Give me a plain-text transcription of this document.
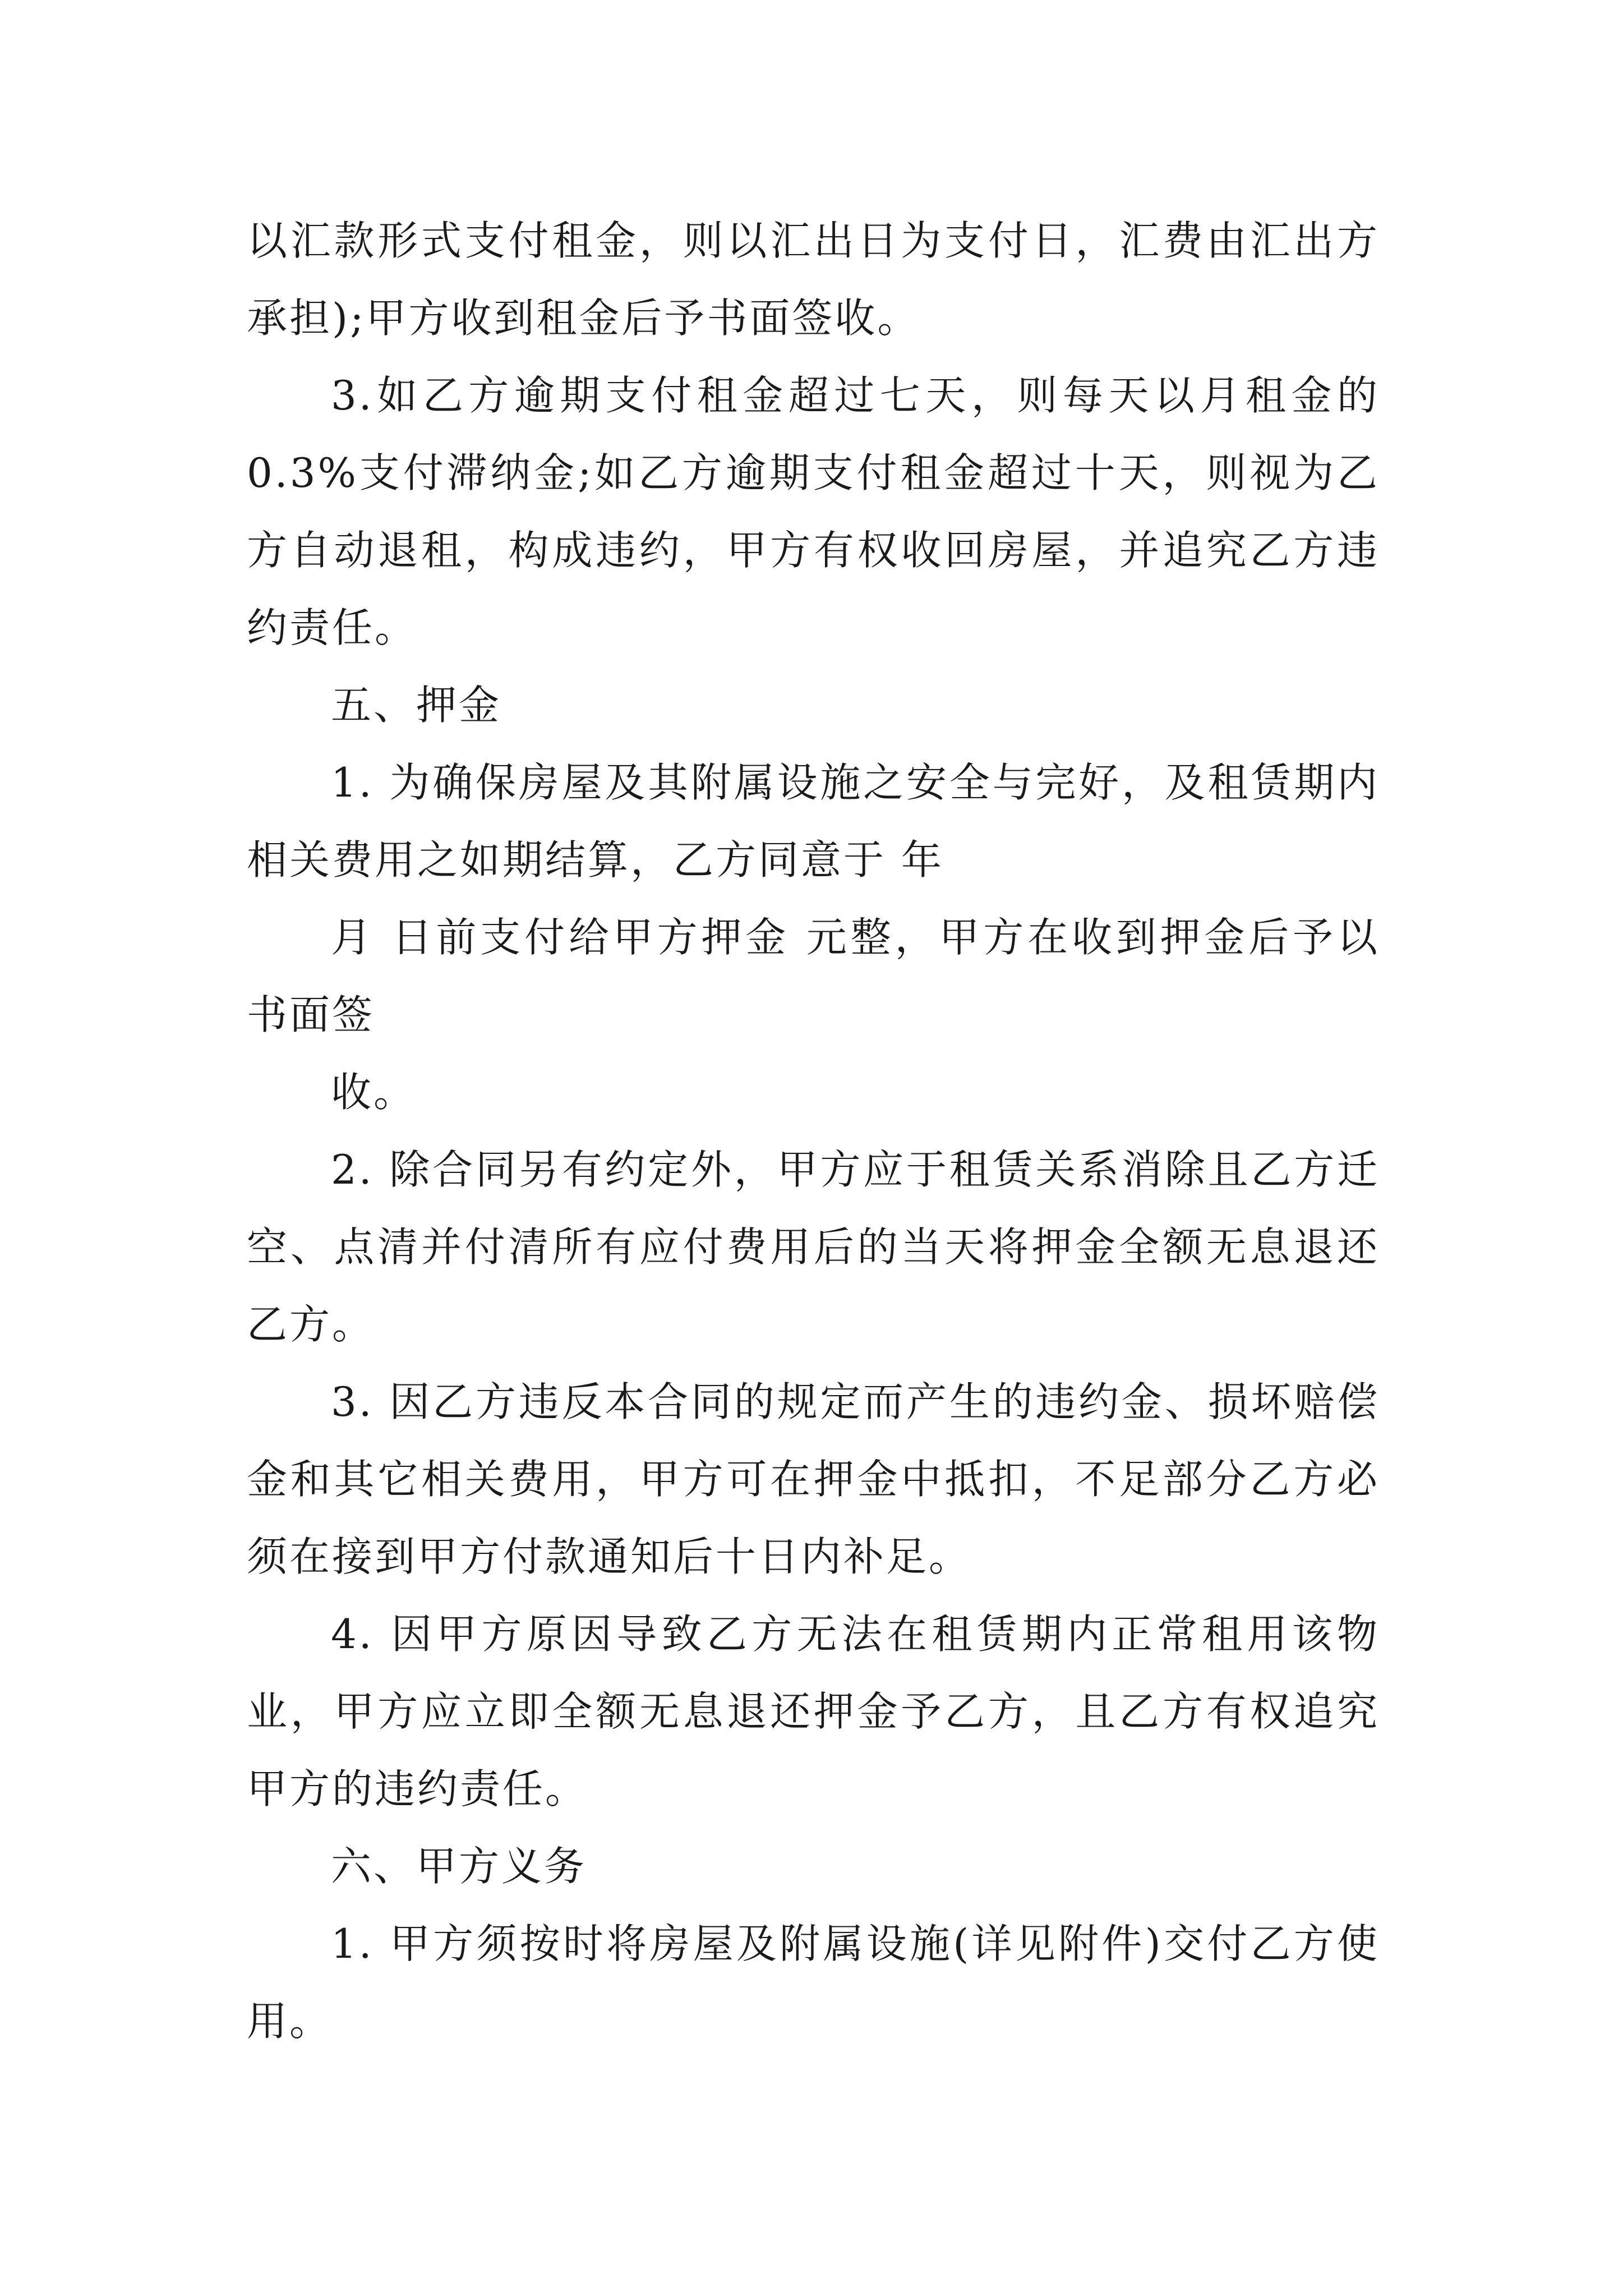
以汇款形式支付租金，则以汇出日为支付日，汇费由汇出方承担);甲方收到租金后予书面签收。

3.如乙方逾期支付租金超过七天，则每天以月租金的0.3%支付滞纳金;如乙方逾期支付租金超过十天，则视为乙方自动退租，构成违约，甲方有权收回房屋，并追究乙方违约责任。

五、押金

1. 为确保房屋及其附属设施之安全与完好，及租赁期内相关费用之如期结算，乙方同意于 年

月 日前支付给甲方押金 元整，甲方在收到押金后予以书面签

收。

2. 除合同另有约定外，甲方应于租赁关系消除且乙方迁空、点清并付清所有应付费用后的当天将押金全额无息退还乙方。

3. 因乙方违反本合同的规定而产生的违约金、损坏赔偿金和其它相关费用，甲方可在押金中抵扣，不足部分乙方必须在接到甲方付款通知后十日内补足。

4. 因甲方原因导致乙方无法在租赁期内正常租用该物业，甲方应立即全额无息退还押金予乙方，且乙方有权追究甲方的违约责任。

六、甲方义务

1. 甲方须按时将房屋及附属设施(详见附件)交付乙方使用。
